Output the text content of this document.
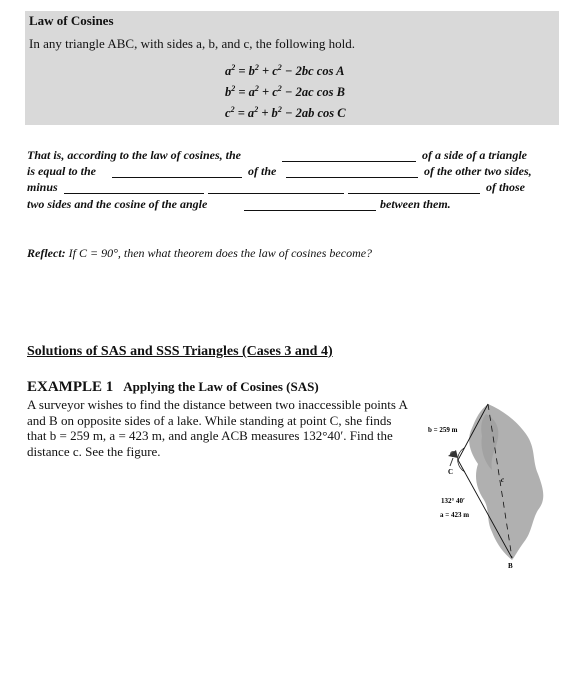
Law of Cosines
In any triangle ABC, with sides a, b, and c, the following hold.
$a^2 = b^2 + c^2 - 2bc$ cos A
$b^2 = a^2 + c^2 - 2ac$ cos B
$c^2 = a^2 + b^2 - 2ab$ cos C
That is, according to the law of cosines, the	of a side of a triangle
is equal to the	of the	of the other two sides,
minus	of those
two sides and the cosine of the angle	between them.
Reflect: If C = 90°, then what theorem does the law of cosines become?
Solutions of SAS and SSS Triangles (Cases 3 and 4)
EXAMPLE 1 Applying the Law of Cosines (SAS)
A surveyor wishes to find the distance between two inaccessible points A and B on opposite sides of a lake. While standing at point C, she finds that b = 259 m, a = 423 m, and angle ACB measures 132°40′. Find the distance c. See the figure.
b = 259 m
C
c
132° 40′
a = 423 m
B
